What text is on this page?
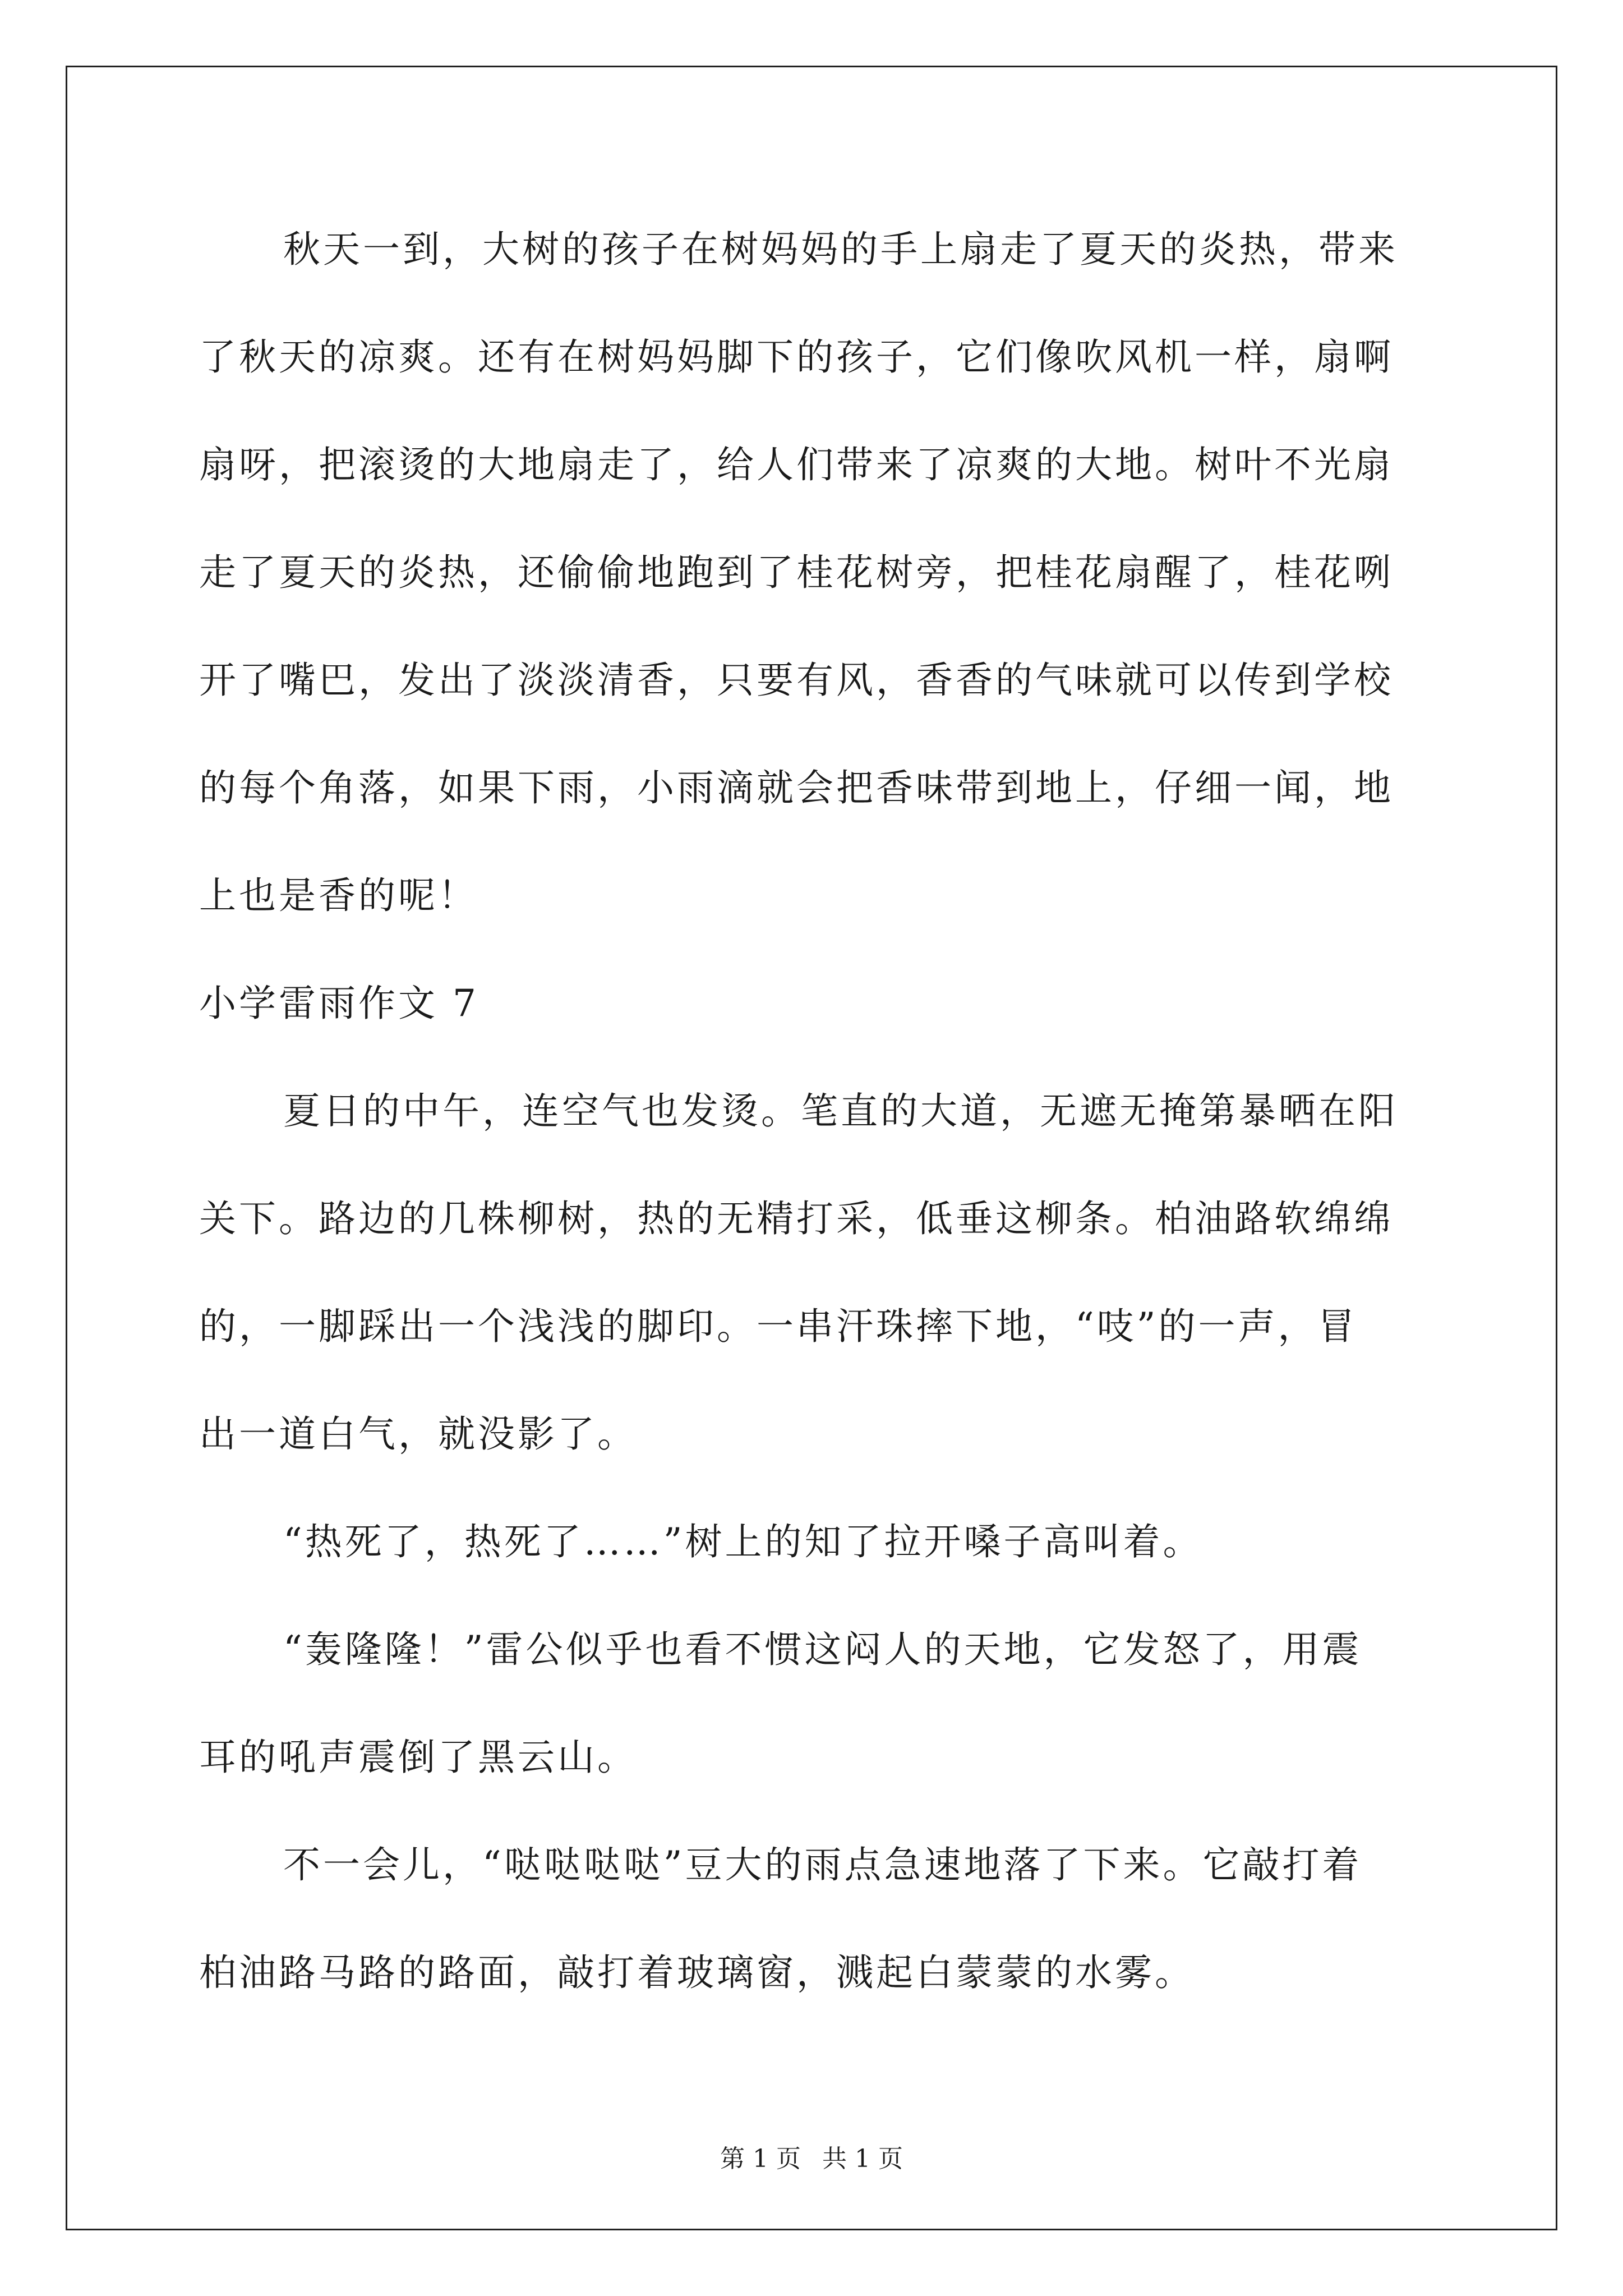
秋天一到，大树的孩子在树妈妈的手上扇走了夏天的炎热，带来
了秋天的凉爽。还有在树妈妈脚下的孩子，它们像吹风机一样，扇啊
扇呀，把滚烫的大地扇走了，给人们带来了凉爽的大地。树叶不光扇
走了夏天的炎热，还偷偷地跑到了桂花树旁，把桂花扇醒了，桂花咧
开了嘴巴，发出了淡淡清香，只要有风，香香的气味就可以传到学校
的每个角落，如果下雨，小雨滴就会把香味带到地上，仔细一闻，地
上也是香的呢！
小学雷雨作文 7
夏日的中午，连空气也发烫。笔直的大道，无遮无掩第暴晒在阳
关下。路边的几株柳树，热的无精打采，低垂这柳条。柏油路软绵绵
的，一脚踩出一个浅浅的脚印。一串汗珠摔下地，“吱”的一声，冒
出一道白气，就没影了。
“热死了，热死了……”树上的知了拉开嗓子高叫着。
“轰隆隆！”雷公似乎也看不惯这闷人的天地，它发怒了，用震
耳的吼声震倒了黑云山。
不一会儿，“哒哒哒哒”豆大的雨点急速地落了下来。它敲打着
柏油路马路的路面，敲打着玻璃窗，溅起白蒙蒙的水雾。
第 1 页 共 1 页
